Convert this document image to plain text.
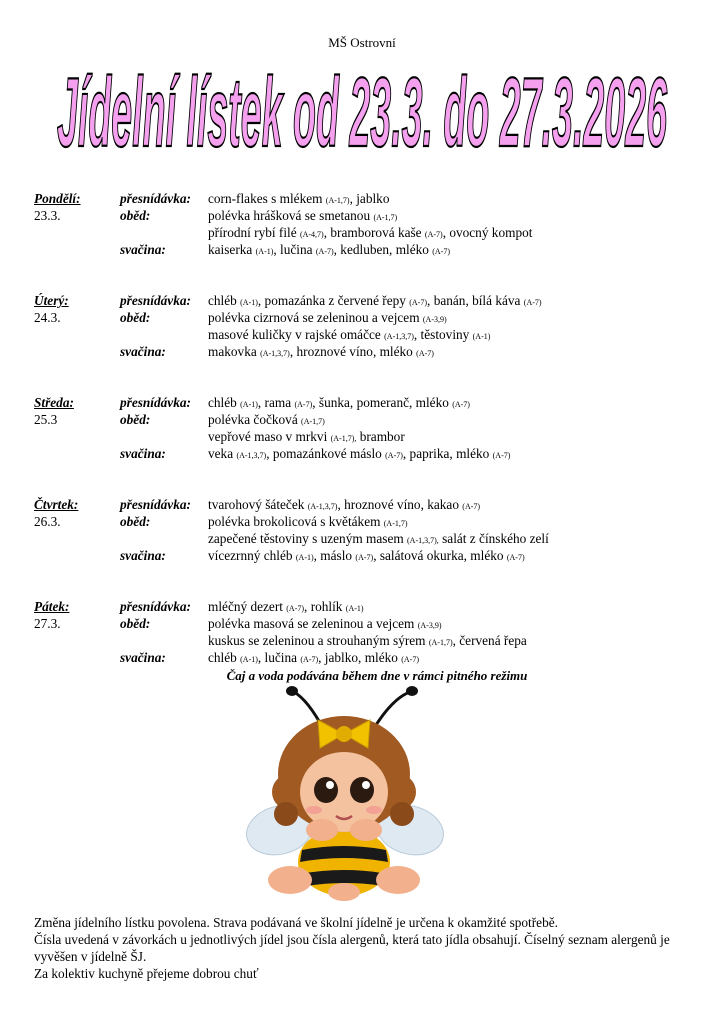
MŠ Ostrovní
Jídelní lístek od 23.3. do 27.3.2026
Pondělí:	přesnídávka: corn-flakes s mlékem (A-1,7), jablko
23.3.	oběd:	polévka hrášková se smetanou (A-1,7)
přírodní rybí filé (A-4,7), bramborová kaše (A-7), ovocný kompot
svačina:	kaiserka (A-1), lučina (A-7), kedluben, mléko (A-7)
Úterý:	přesnídávka: chléb (A-1), pomazánka z červené řepy (A-7), banán, bílá káva (A-7)
24.3.	oběd:	polévka cizrnová se zeleninou a vejcem (A-3,9)
masové kuličky v rajské omáčce (A-1,3,7), těstoviny (A-1)
svačina:	makovka (A-1,3,7), hroznové víno, mléko (A-7)
Středa:	přesnídávka: chléb (A-1), rama (A-7), šunka, pomeranč, mléko (A-7)
25.3	oběd:	polévka čočková (A-1,7)
vepřové maso v mrkvi (A-1,7), brambor
svačina:	veka (A-1,3,7), pomazánkové máslo (A-7), paprika, mléko (A-7)
Čtvrtek:	přesnídávka: tvarohový šáteček (A-1,3,7), hroznové víno, kakao (A-7)
26.3.	oběd:	polévka brokolicová s květákem (A-1,7)
zapečené těstoviny s uzeným masem (A-1,3,7), salát z čínského zelí
svačina:	vícezrnný chléb (A-1), máslo (A-7), salátová okurka, mléko (A-7)
Pátek:	přesnídávka: mléčný dezert (A-7), rohlík (A-1)
27.3.	oběd:	polévka masová se zeleninou a vejcem (A-3,9)
kuskus se zeleninou a strouhaným sýrem (A-1,7), červená řepa
svačina:	chléb (A-1), lučina (A-7), jablko, mléko (A-7)
Čaj a voda podávána během dne v rámci pitného režimu

Změna jídelního lístku povolena. Strava podávaná ve školní jídelně je určena k okamžité spotřebě.

Čísla uvedená v závorkách u jednotlivých jídel jsou čísla alergenů, která tato jídla obsahují. Číselný seznam alergenů je vyvěšen v jídelně ŠJ.

Za kolektiv kuchyně přejeme dobrou chuť
